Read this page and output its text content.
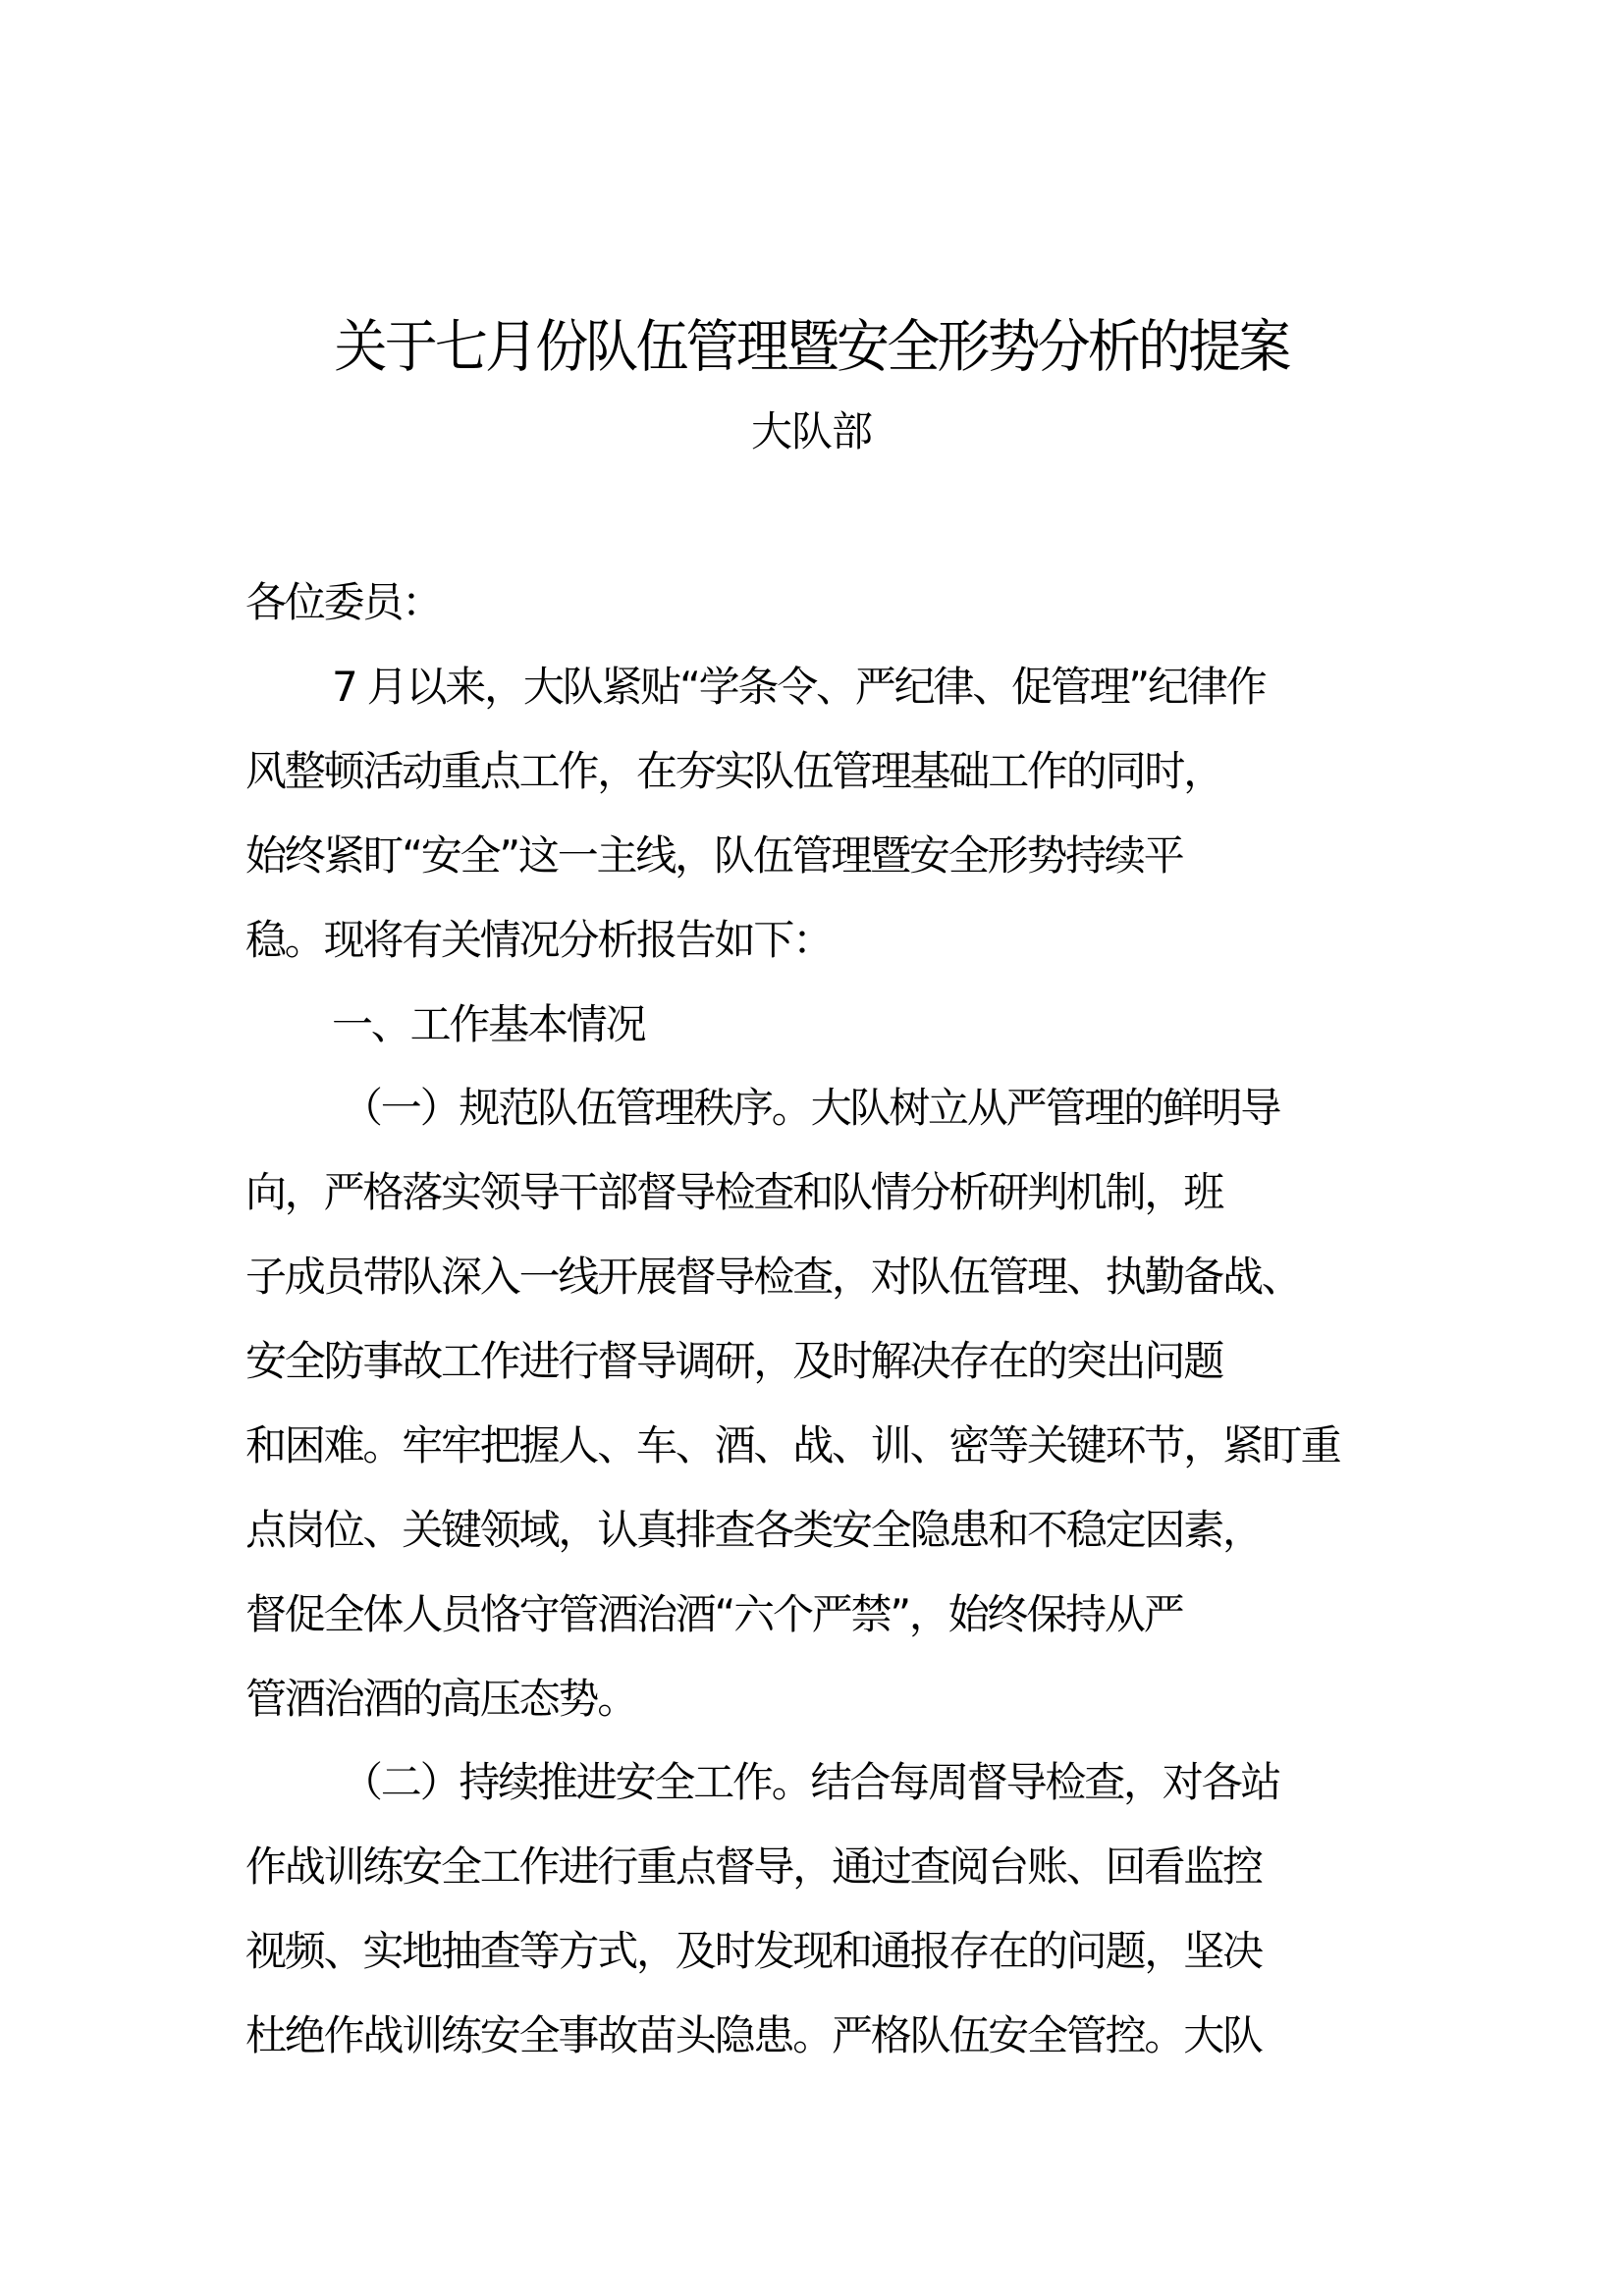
关于七月份队伍管理暨安全形势分析的提案
大队部
各位委员：
7 月以来，大队紧贴“学条令、严纪律、促管理”纪律作
风整顿活动重点工作，在夯实队伍管理基础工作的同时，
始终紧盯“安全”这一主线，队伍管理暨安全形势持续平
稳。现将有关情况分析报告如下：
一、工作基本情况
（一）规范队伍管理秩序。大队树立从严管理的鲜明导
向，严格落实领导干部督导检查和队情分析研判机制，班
子成员带队深入一线开展督导检查，对队伍管理、执勤备战、
安全防事故工作进行督导调研，及时解决存在的突出问题
和困难。牢牢把握人、车、酒、战、训、密等关键环节，紧盯重
点岗位、关键领域，认真排查各类安全隐患和不稳定因素，
督促全体人员恪守管酒治酒“六个严禁”，始终保持从严
管酒治酒的高压态势。
（二）持续推进安全工作。结合每周督导检查，对各站
作战训练安全工作进行重点督导，通过查阅台账、回看监控
视频、实地抽查等方式，及时发现和通报存在的问题，坚决
杜绝作战训练安全事故苗头隐患。严格队伍安全管控。大队
